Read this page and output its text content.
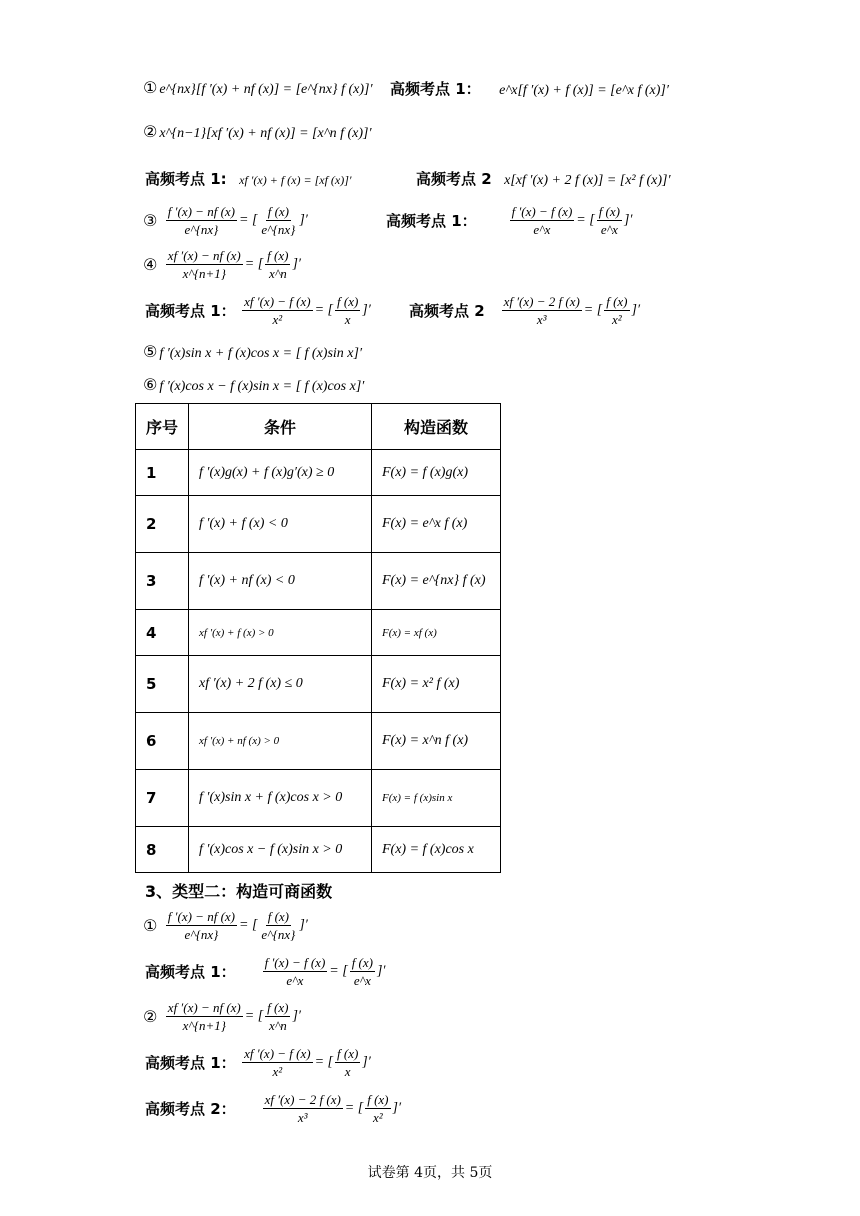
① e^{nx}[f ′(x) + nf (x)] = [e^{nx} f (x)]′ 高频考点 1： e^x[f ′(x) + f (x)] = [e^x f (x)]′
② x^{n−1}[xf ′(x) + nf (x)] = [x^n f (x)]′
高频考点 1: xf ′(x) + f (x) = [xf (x)]′	高频考点 2 x[xf ′(x) + 2 f (x)] = [x² f (x)]′
③ $\frac{f '(x) - nf (x)}{e\^{}\{nx\}}$ = [ $\frac{f (x)}{e\^{}\{nx\}}$ ]′	高频考点 1：	$\frac{f '(x) - f (x)}{e\^{}x}$ = [ $\frac{f (x)}{e\^{}x}$ ]′
④ $\frac{xf '(x) - nf (x)}{x\^{}\{n+1\}}$ = [ $\frac{f (x)}{x\^{}n}$ ]′
高频考点 1： $\frac{xf '(x) - f (x)}{\text{x²}}$ = [ $\frac{f (x)}{x}$ ]′	高频考点 $2 \frac{xf '(x) - 2 f (x)}{\text{x³}}$ = [ $\frac{f (x)}{\text{x²}}$ ]′
⑤ f ′(x)sin x + f (x)cos x = [ f (x)sin x]′
⑥ f ′(x)cos x − f (x)sin x = [ f (x)cos x]′
序号	条件	构造函数
1	f ′(x)g(x) + f (x)g′(x) ≥ 0	F(x) = f (x)g(x)
2	f ′(x) + f (x) < 0	F(x) = e^x f (x)
3	f ′(x) + nf (x) < 0	F(x) = e^{nx} f (x)
4	xf ′(x) + f (x) > 0	F(x) = xf (x)
5	xf ′(x) + 2 f (x) ≤ 0	F(x) = x² f (x)
6	xf ′(x) + nf (x) > 0	F(x) = x^n f (x)
7	f ′(x)sin x + f (x)cos x > 0	F(x) = f (x)sin x
8	f ′(x)cos x − f (x)sin x > 0	F(x) = f (x)cos x
3、类型二：构造可商函数
① $\frac{f '(x) - nf (x)}{e\^{}\{nx\}}$ = [ $\frac{f (x)}{e\^{}\{nx\}}$ ]′
高频考点 1： $\frac{f '(x) - f (x)}{e\^{}x}$ = [ $\frac{f (x)}{e\^{}x}$ ]′
② $\frac{xf '(x) - nf (x)}{x\^{}\{n+1\}}$ = [ $\frac{f (x)}{x\^{}n}$ ]′
高频考点 1： $\frac{xf '(x) - f (x)}{\text{x²}}$ = [ $\frac{f (x)}{x}$ ]′
高频考点 2： $\frac{xf '(x) - 2 f (x)}{\text{x³}}$ = [ $\frac{f (x)}{\text{x²}}$ ]′
试卷第 4页，共 5页
